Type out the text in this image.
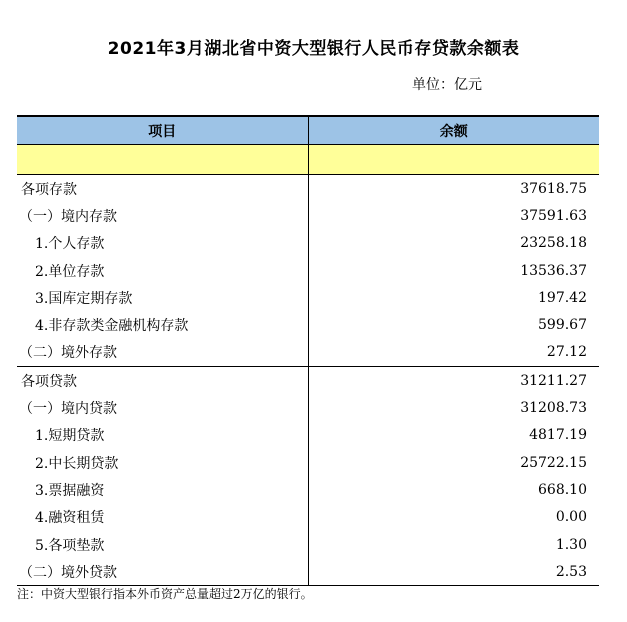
2021年3月湖北省中资大型银行人民币存贷款余额表
单位：亿元
项目	余额

各项存款	37618.75
（一）境内存款	37591.63
1.个人存款	23258.18
2.单位存款	13536.37
3.国库定期存款	197.42
4.非存款类金融机构存款	599.67
（二）境外存款	27.12
各项贷款	31211.27
（一）境内贷款	31208.73
1.短期贷款	4817.19
2.中长期贷款	25722.15
3.票据融资	668.10
4.融资租赁	0.00
5.各项垫款	1.30
（二）境外贷款	2.53
注：中资大型银行指本外币资产总量超过2万亿的银行。
